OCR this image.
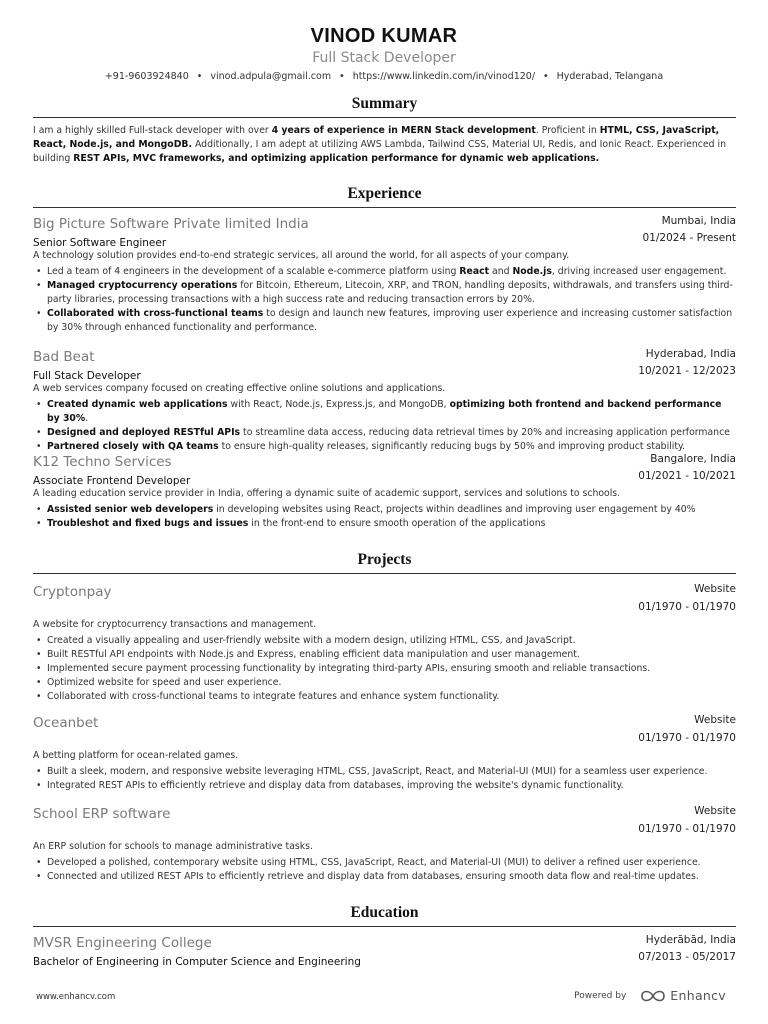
VINOD KUMAR
Full Stack Developer
+91-9603924840 • vinod.adpula@gmail.com • https://www.linkedin.com/in/vinod120/ • Hyderabad, Telangana
Summary

I am a highly skilled Full-stack developer with over 4 years of experience in MERN Stack development. Proficient in HTML, CSS, JavaScript, React, Node.js, and MongoDB. Additionally, I am adept at utilizing AWS Lambda, Tailwind CSS, Material UI, Redis, and Ionic React. Experienced in building REST APIs, MVC frameworks, and optimizing application performance for dynamic web applications.

Experience
Big Picture Software Private limited India	Mumbai, India
Senior Software Engineer	01/2024 - Present

A technology solution provides end-to-end strategic services, all around the world, for all aspects of your company.

• Led a team of 4 engineers in the development of a scalable e-commerce platform using React and Node.js, driving increased user engagement.
• Managed cryptocurrency operations for Bitcoin, Ethereum, Litecoin, XRP, and TRON, handling deposits, withdrawals, and transfers using third-party libraries, processing transactions with a high success rate and reducing transaction errors by 20%.
• Collaborated with cross-functional teams to design and launch new features, improving user experience and increasing customer satisfaction by 30% through enhanced functionality and performance.
Bad Beat	Hyderabad, India
Full Stack Developer	10/2021 - 12/2023

A web services company focused on creating effective online solutions and applications.

• Created dynamic web applications with React, Node.js, Express.js, and MongoDB, optimizing both frontend and backend performance by 30%.
• Designed and deployed RESTful APIs to streamline data access, reducing data retrieval times by 20% and increasing application performance
• Partnered closely with QA teams to ensure high-quality releases, significantly reducing bugs by 50% and improving product stability.
K12 Techno Services	Bangalore, India
Associate Frontend Developer	01/2021 - 10/2021

A leading education service provider in India, offering a dynamic suite of academic support, services and solutions to schools.

• Assisted senior web developers in developing websites using React, projects within deadlines and improving user engagement by 40%
• Troubleshot and fixed bugs and issues in the front-end to ensure smooth operation of the applications
Projects
Cryptonpay	Website
01/1970 - 01/1970

A website for cryptocurrency transactions and management.

• Created a visually appealing and user-friendly website with a modern design, utilizing HTML, CSS, and JavaScript.
• Built RESTful API endpoints with Node.js and Express, enabling efficient data manipulation and user management.
• Implemented secure payment processing functionality by integrating third-party APIs, ensuring smooth and reliable transactions.
• Optimized website for speed and user experience.
• Collaborated with cross-functional teams to integrate features and enhance system functionality.
Oceanbet	Website
01/1970 - 01/1970

A betting platform for ocean-related games.

• Built a sleek, modern, and responsive website leveraging HTML, CSS, JavaScript, React, and Material-UI (MUI) for a seamless user experience.
• Integrated REST APIs to efficiently retrieve and display data from databases, improving the website's dynamic functionality.
School ERP software	Website
01/1970 - 01/1970

An ERP solution for schools to manage administrative tasks.

• Developed a polished, contemporary website using HTML, CSS, JavaScript, React, and Material-UI (MUI) to deliver a refined user experience.
• Connected and utilized REST APIs to efficiently retrieve and display data from databases, ensuring smooth data flow and real-time updates.
Education
MVSR Engineering College	Hyderābād, India
Bachelor of Engineering in Computer Science and Engineering	07/2013 - 05/2017
www.enhancv.com	Powered by	Enhancv
